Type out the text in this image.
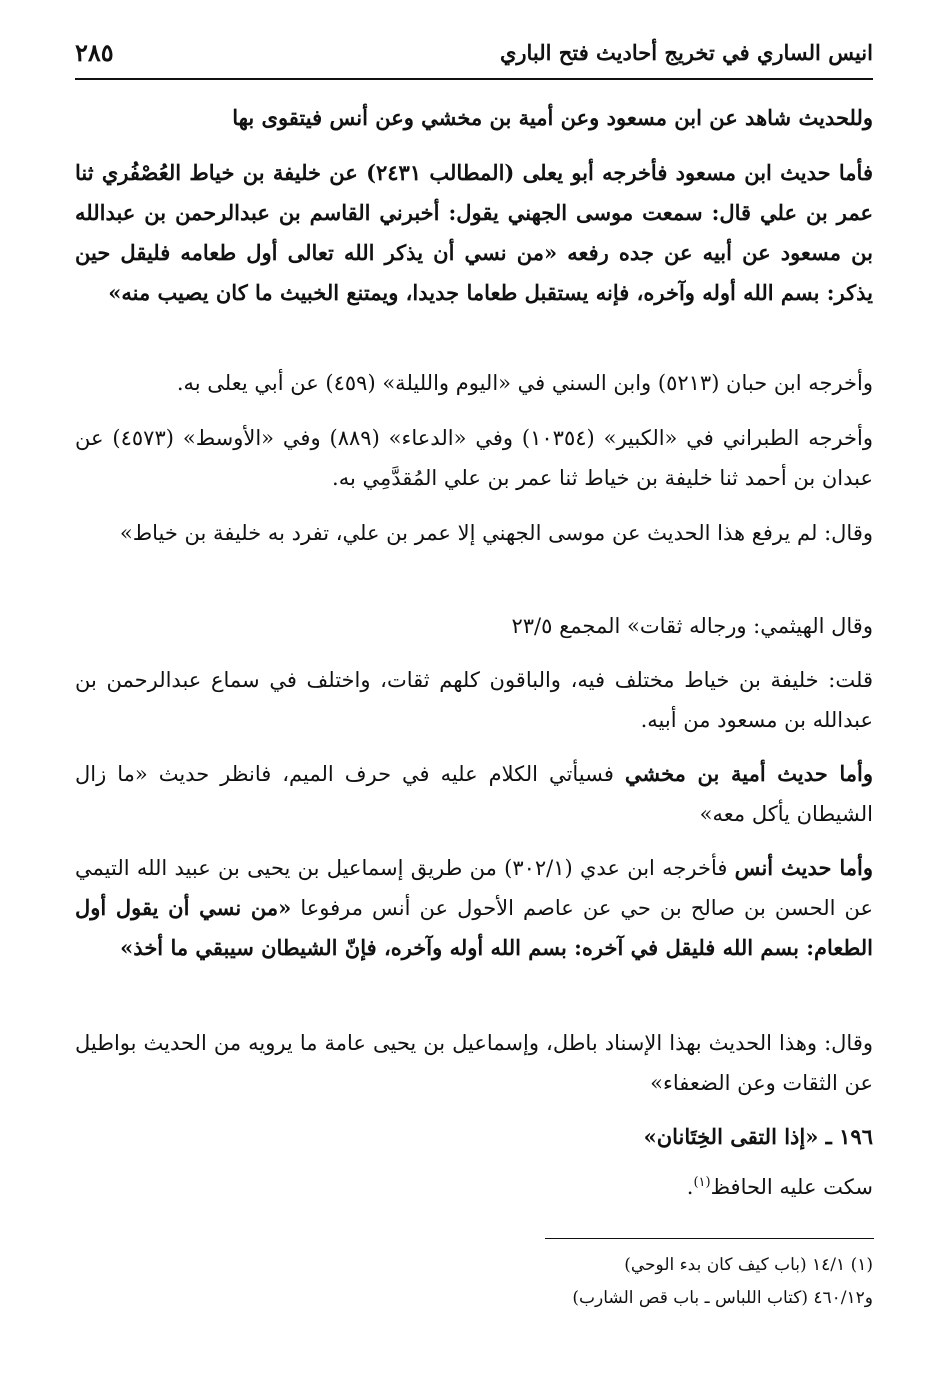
انيس الساري في تخريج أحاديث فتح الباري
٢٨٥
وللحديث شاهد عن ابن مسعود وعن أمية بن مخشي وعن أنس فيتقوى بها
فأما حديث ابن مسعود فأخرجه أبو يعلى (المطالب ٢٤٣١) عن خليفة بن خياط العُصْفُري ثنا عمر بن علي قال: سمعت موسى الجهني يقول: أخبرني القاسم بن عبدالرحمن بن عبدالله بن مسعود عن أبيه عن جده رفعه «من نسي أن يذكر الله تعالى أول طعامه فليقل حين يذكر: بسم الله أوله وآخره، فإنه يستقبل طعاما جديدا، ويمتنع الخبيث ما كان يصيب منه»
وأخرجه ابن حبان (٥٢١٣) وابن السني في «اليوم والليلة» (٤٥٩) عن أبي يعلى به.
وأخرجه الطبراني في «الكبير» (١٠٣٥٤) وفي «الدعاء» (٨٨٩) وفي «الأوسط» (٤٥٧٣) عن عبدان بن أحمد ثنا خليفة بن خياط ثنا عمر بن علي المُقدَّمِي به.
وقال: لم يرفع هذا الحديث عن موسى الجهني إلا عمر بن علي، تفرد به خليفة بن خياط»
وقال الهيثمي: ورجاله ثقات» المجمع ٢٣/٥
قلت: خليفة بن خياط مختلف فيه، والباقون كلهم ثقات، واختلف في سماع عبدالرحمن بن عبدالله بن مسعود من أبيه.
وأما حديث أمية بن مخشي فسيأتي الكلام عليه في حرف الميم، فانظر حديث «ما زال الشيطان يأكل معه»
وأما حديث أنس فأخرجه ابن عدي (٣٠٢/١) من طريق إسماعيل بن يحيى بن عبيد الله التيمي عن الحسن بن صالح بن حي عن عاصم الأحول عن أنس مرفوعا «من نسي أن يقول أول الطعام: بسم الله فليقل في آخره: بسم الله أوله وآخره، فإنّ الشيطان سيبقي ما أخذ»
وقال: وهذا الحديث بهذا الإسناد باطل، وإسماعيل بن يحيى عامة ما يرويه من الحديث بواطيل عن الثقات وعن الضعفاء»
١٩٦ ـ «إذا التقى الخِتَانان»
سكت عليه الحافظ$^{(١)}$.
(١) ١٤/١ (باب كيف كان بدء الوحي)
و٤٦٠/١٢ (كتاب اللباس ـ باب قص الشارب)
